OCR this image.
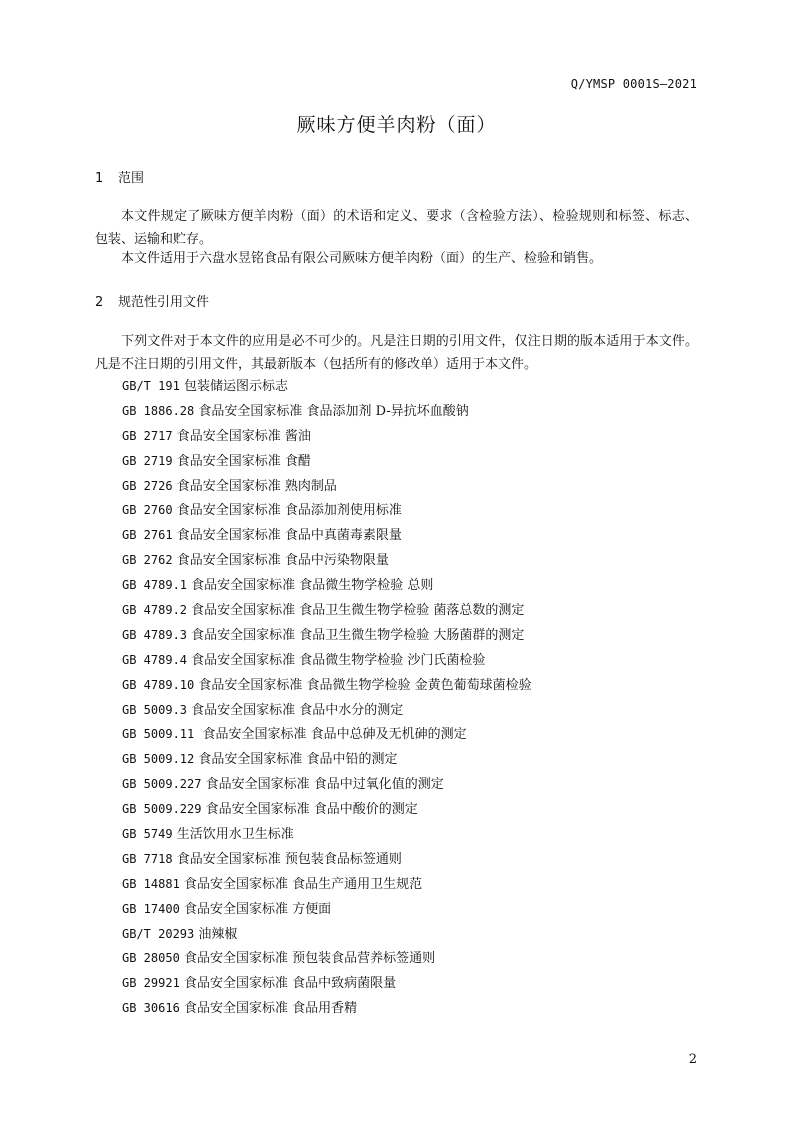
Q/YMSP 0001S—2021
厥味方便羊肉粉（面）
1 范围
本文件规定了厥味方便羊肉粉（面）的术语和定义、要求（含检验方法）、检验规则和标签、标志、包装、运输和贮存。
本文件适用于六盘水昱铭食品有限公司厥味方便羊肉粉（面）的生产、检验和销售。
2 规范性引用文件
下列文件对于本文件的应用是必不可少的。凡是注日期的引用文件，仅注日期的版本适用于本文件。凡是不注日期的引用文件，其最新版本（包括所有的修改单）适用于本文件。
GB/T 191 包装储运图示标志
GB 1886.28 食品安全国家标准 食品添加剂 D-异抗坏血酸钠
GB 2717 食品安全国家标准 酱油
GB 2719 食品安全国家标准 食醋
GB 2726 食品安全国家标准 熟肉制品
GB 2760 食品安全国家标准 食品添加剂使用标准
GB 2761 食品安全国家标准 食品中真菌毒素限量
GB 2762 食品安全国家标准 食品中污染物限量
GB 4789.1 食品安全国家标准 食品微生物学检验 总则
GB 4789.2 食品安全国家标准 食品卫生微生物学检验 菌落总数的测定
GB 4789.3 食品安全国家标准 食品卫生微生物学检验 大肠菌群的测定
GB 4789.4 食品安全国家标准 食品微生物学检验 沙门氏菌检验
GB 4789.10 食品安全国家标准 食品微生物学检验 金黄色葡萄球菌检验
GB 5009.3 食品安全国家标准 食品中水分的测定
GB 5009.11  食品安全国家标准 食品中总砷及无机砷的测定
GB 5009.12 食品安全国家标准 食品中铅的测定
GB 5009.227 食品安全国家标准 食品中过氧化值的测定
GB 5009.229 食品安全国家标准 食品中酸价的测定
GB 5749 生活饮用水卫生标准
GB 7718 食品安全国家标准 预包装食品标签通则
GB 14881 食品安全国家标准 食品生产通用卫生规范
GB 17400 食品安全国家标准 方便面
GB/T 20293 油辣椒
GB 28050 食品安全国家标准 预包装食品营养标签通则
GB 29921 食品安全国家标准 食品中致病菌限量
GB 30616 食品安全国家标准 食品用香精
2
